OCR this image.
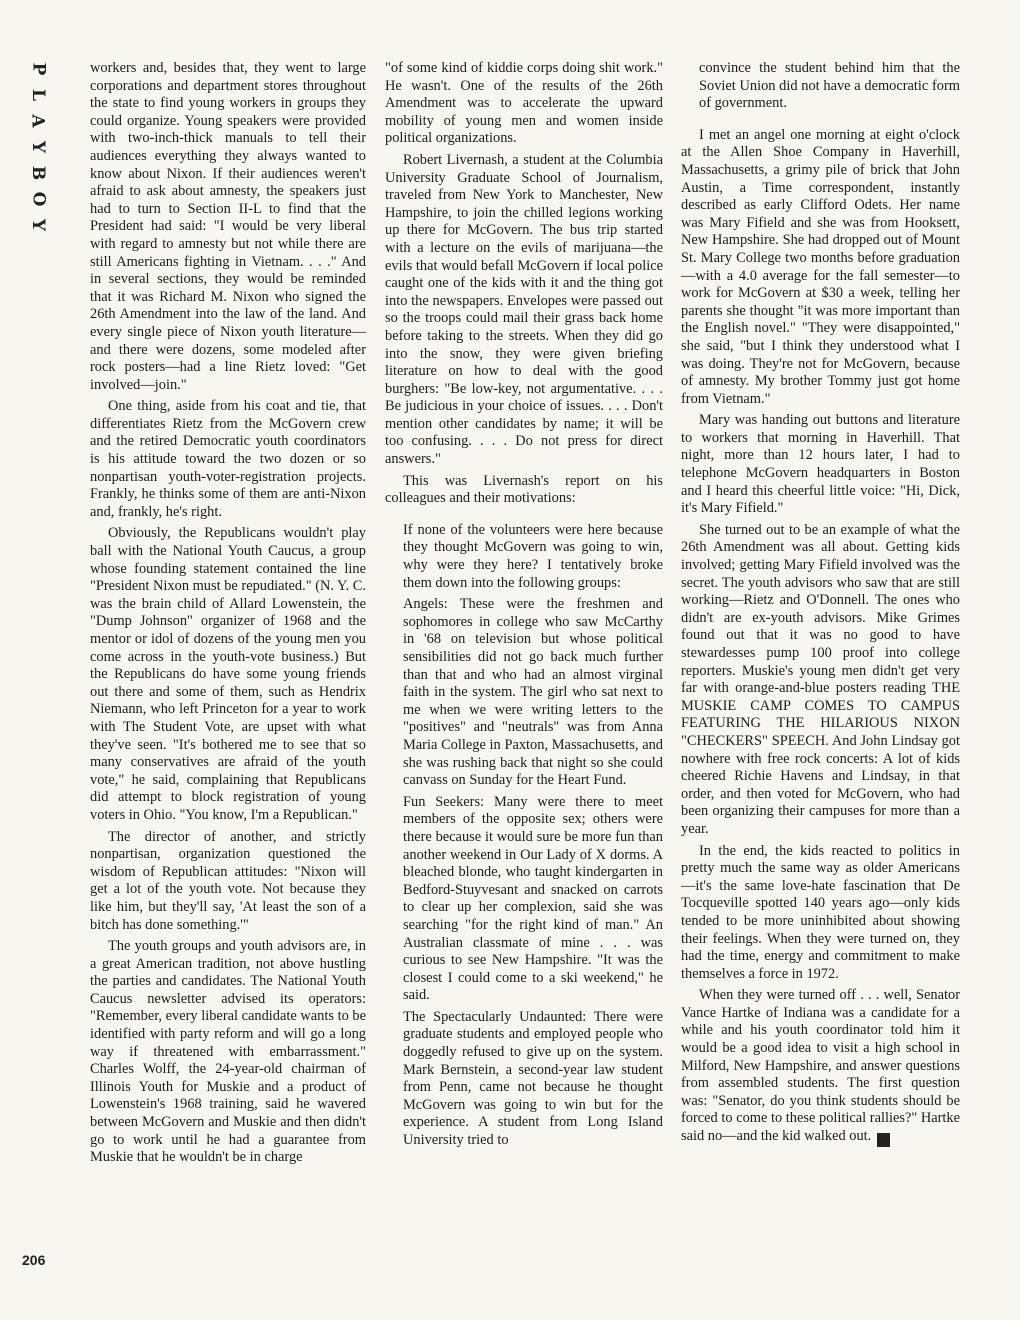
P
L
A
Y
B
O
Y
206

workers and, besides that, they went to large corporations and department stores throughout the state to find young workers in groups they could organize. Young speakers were provided with two-inch-thick manuals to tell their audiences everything they always wanted to know about Nixon. If their audiences weren't afraid to ask about amnesty, the speakers just had to turn to Section II-L to find that the President had said: "I would be very liberal with regard to amnesty but not while there are still Americans fighting in Vietnam. . . ." And in several sections, they would be reminded that it was Richard M. Nixon who signed the 26th Amendment into the law of the land. And every single piece of Nixon youth literature—and there were dozens, some modeled after rock posters—had a line Rietz loved: "Get involved—join."

One thing, aside from his coat and tie, that differentiates Rietz from the McGovern crew and the retired Democratic youth coordinators is his attitude toward the two dozen or so nonpartisan youth-voter-registration projects. Frankly, he thinks some of them are anti-Nixon and, frankly, he's right.

Obviously, the Republicans wouldn't play ball with the National Youth Caucus, a group whose founding statement contained the line "President Nixon must be repudiated." (N. Y. C. was the brain child of Allard Lowenstein, the "Dump Johnson" organizer of 1968 and the mentor or idol of dozens of the young men you come across in the youth-vote business.) But the Republicans do have some young friends out there and some of them, such as Hendrix Niemann, who left Princeton for a year to work with The Student Vote, are upset with what they've seen. "It's bothered me to see that so many conservatives are afraid of the youth vote," he said, complaining that Republicans did attempt to block registration of young voters in Ohio. "You know, I'm a Republican."

The director of another, and strictly nonpartisan, organization questioned the wisdom of Republican attitudes: "Nixon will get a lot of the youth vote. Not because they like him, but they'll say, 'At least the son of a bitch has done something.'"

The youth groups and youth advisors are, in a great American tradition, not above hustling the parties and candidates. The National Youth Caucus newsletter advised its operators: "Remember, every liberal candidate wants to be identified with party reform and will go a long way if threatened with embarrassment." Charles Wolff, the 24-year-old chairman of Illinois Youth for Muskie and a product of Lowenstein's 1968 training, said he wavered between McGovern and Muskie and then didn't go to work until he had a guarantee from Muskie that he wouldn't be in charge

"of some kind of kiddie corps doing shit work." He wasn't. One of the results of the 26th Amendment was to accelerate the upward mobility of young men and women inside political organizations.

Robert Livernash, a student at the Columbia University Graduate School of Journalism, traveled from New York to Manchester, New Hampshire, to join the chilled legions working up there for McGovern. The bus trip started with a lecture on the evils of marijuana—the evils that would befall McGovern if local police caught one of the kids with it and the thing got into the newspapers. Envelopes were passed out so the troops could mail their grass back home before taking to the streets. When they did go into the snow, they were given briefing literature on how to deal with the good burghers: "Be low-key, not argumentative. . . . Be judicious in your choice of issues. . . . Don't mention other candidates by name; it will be too confusing. . . . Do not press for direct answers."

This was Livernash's report on his colleagues and their motivations:

If none of the volunteers were here because they thought McGovern was going to win, why were they here? I tentatively broke them down into the following groups:

Angels: These were the freshmen and sophomores in college who saw McCarthy in '68 on television but whose political sensibilities did not go back much further than that and who had an almost virginal faith in the system. The girl who sat next to me when we were writing letters to the "positives" and "neutrals" was from Anna Maria College in Paxton, Massachusetts, and she was rushing back that night so she could canvass on Sunday for the Heart Fund.

Fun Seekers: Many were there to meet members of the opposite sex; others were there because it would sure be more fun than another weekend in Our Lady of X dorms. A bleached blonde, who taught kindergarten in Bedford-Stuyvesant and snacked on carrots to clear up her complexion, said she was searching "for the right kind of man." An Australian classmate of mine . . . was curious to see New Hampshire. "It was the closest I could come to a ski weekend," he said.

The Spectacularly Undaunted: There were graduate students and employed people who doggedly refused to give up on the system. Mark Bernstein, a second-year law student from Penn, came not because he thought McGovern was going to win but for the experience. A student from Long Island University tried to

convince the student behind him that the Soviet Union did not have a democratic form of government.

I met an angel one morning at eight o'clock at the Allen Shoe Company in Haverhill, Massachusetts, a grimy pile of brick that John Austin, a Time correspondent, instantly described as early Clifford Odets. Her name was Mary Fifield and she was from Hooksett, New Hampshire. She had dropped out of Mount St. Mary College two months before graduation—with a 4.0 average for the fall semester—to work for McGovern at $30 a week, telling her parents she thought "it was more important than the English novel." "They were disappointed," she said, "but I think they understood what I was doing. They're not for McGovern, because of amnesty. My brother Tommy just got home from Vietnam."

Mary was handing out buttons and literature to workers that morning in Haverhill. That night, more than 12 hours later, I had to telephone McGovern headquarters in Boston and I heard this cheerful little voice: "Hi, Dick, it's Mary Fifield."

She turned out to be an example of what the 26th Amendment was all about. Getting kids involved; getting Mary Fifield involved was the secret. The youth advisors who saw that are still working—Rietz and O'Donnell. The ones who didn't are ex-youth advisors. Mike Grimes found out that it was no good to have stewardesses pump 100 proof into college reporters. Muskie's young men didn't get very far with orange-and-blue posters reading THE MUSKIE CAMP COMES TO CAMPUS FEATURING THE HILARIOUS NIXON "CHECKERS" SPEECH. And John Lindsay got nowhere with free rock concerts: A lot of kids cheered Richie Havens and Lindsay, in that order, and then voted for McGovern, who had been organizing their campuses for more than a year.

In the end, the kids reacted to politics in pretty much the same way as older Americans—it's the same love-hate fascination that De Tocqueville spotted 140 years ago—only kids tended to be more uninhibited about showing their feelings. When they were turned on, they had the time, energy and commitment to make themselves a force in 1972.

When they were turned off . . . well, Senator Vance Hartke of Indiana was a candidate for a while and his youth coordinator told him it would be a good idea to visit a high school in Milford, New Hampshire, and answer questions from assembled students. The first question was: "Senator, do you think students should be forced to come to these political rallies?" Hartke said no—and the kid walked out. ♞
